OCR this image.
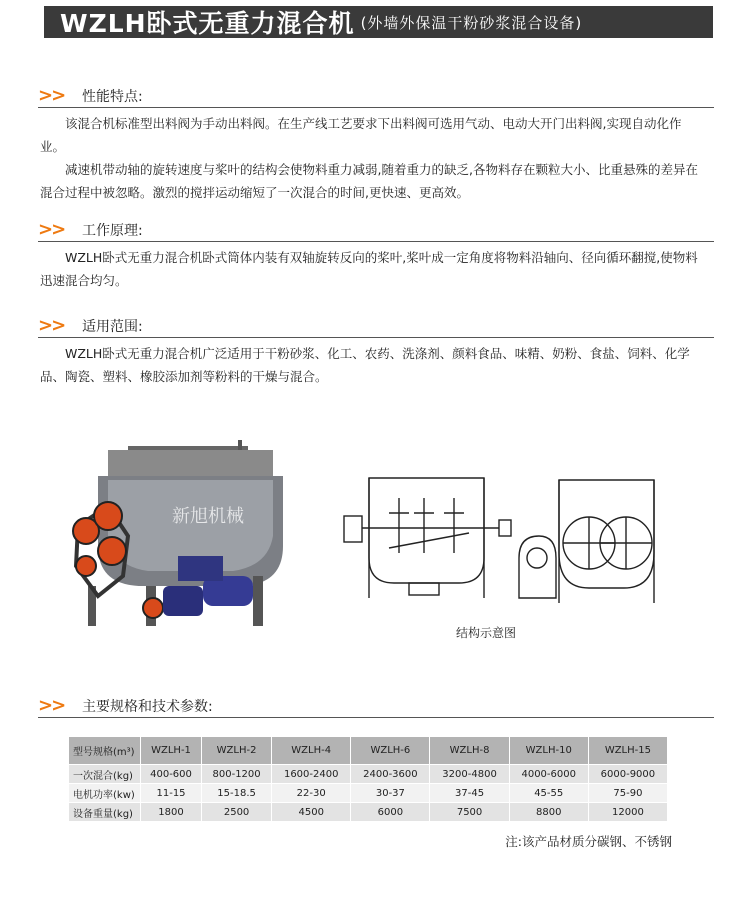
WZLH卧式无重力混合机 (外墙外保温干粉砂浆混合设备)
>>	性能特点:

该混合机标准型出料阀为手动出料阀。在生产线工艺要求下出料阀可选用气动、电动大开门出料阀,实现自动化作业。

减速机带动轴的旋转速度与桨叶的结构会使物料重力减弱,随着重力的缺乏,各物料存在颗粒大小、比重悬殊的差异在混合过程中被忽略。激烈的搅拌运动缩短了一次混合的时间,更快速、更高效。

>>	工作原理:

WZLH卧式无重力混合机卧式筒体内装有双轴旋转反向的桨叶,桨叶成一定角度将物料沿轴向、径向循环翻搅,使物料迅速混合均匀。

>>	适用范围:

WZLH卧式无重力混合机广泛适用于干粉砂浆、化工、农药、洗涤剂、颜料食品、味精、奶粉、食盐、饲料、化学品、陶瓷、塑料、橡胶添加剂等粉料的干燥与混合。

新旭机械
结构示意图
>>	主要规格和技术参数:
型号规格(m³)	WZLH-1	WZLH-2	WZLH-4	WZLH-6	WZLH-8	WZLH-10	WZLH-15
一次混合(kg)	400-600	800-1200	1600-2400	2400-3600	3200-4800	4000-6000	6000-9000
电机功率(kw)	11-15	15-18.5	22-30	30-37	37-45	45-55	75-90
设备重量(kg)	1800	2500	4500	6000	7500	8800	12000
注:该产品材质分碳钢、不锈钢
